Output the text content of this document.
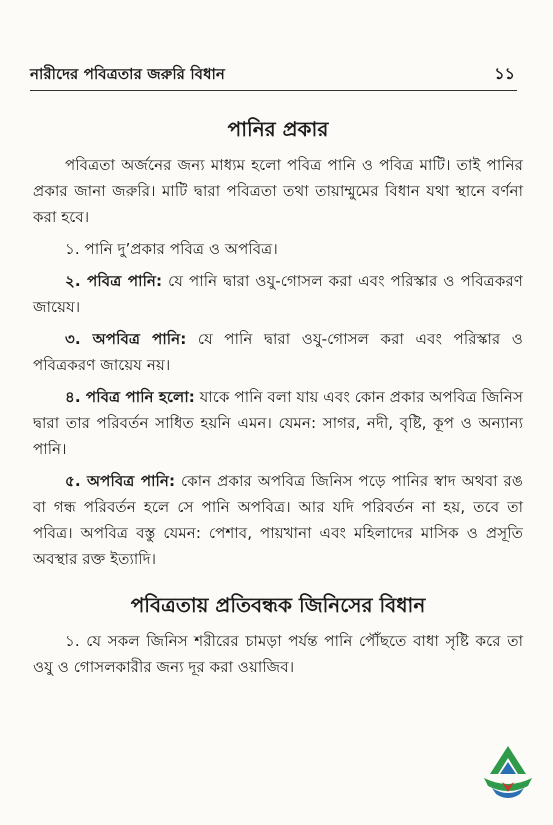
নারীদের পবিত্রতার জরুরি বিধান	১১
পানির প্রকার

পবিত্রতা অর্জনের জন্য মাধ্যম হলো পবিত্র পানি ও পবিত্র মাটি। তাই পানির প্রকার জানা জরুরি। মাটি দ্বারা পবিত্রতা তথা তায়াম্মুমের বিধান যথা স্থানে বর্ণনা করা হবে।

১. পানি দু’প্রকার পবিত্র ও অপবিত্র।

২. পবিত্র পানি: যে পানি দ্বারা ওযু-গোসল করা এবং পরিস্কার ও পবিত্রকরণ জায়েয।

৩. অপবিত্র পানি: যে পানি দ্বারা ওযু-গোসল করা এবং পরিস্কার ও পবিত্রকরণ জায়েয নয়।

৪. পবিত্র পানি হলো: যাকে পানি বলা যায় এবং কোন প্রকার অপবিত্র জিনিস দ্বারা তার পরিবর্তন সাধিত হয়নি এমন। যেমন: সাগর, নদী, বৃষ্টি, কূপ ও অন্যান্য পানি।

৫. অপবিত্র পানি: কোন প্রকার অপবিত্র জিনিস পড়ে পানির স্বাদ অথবা রঙ বা গন্ধ পরিবর্তন হলে সে পানি অপবিত্র। আর যদি পরিবর্তন না হয়, তবে তা পবিত্র। অপবিত্র বস্তু যেমন: পেশাব, পায়খানা এবং মহিলাদের মাসিক ও প্রসূতি অবস্থার রক্ত ইত্যাদি।

পবিত্রতায় প্রতিবন্ধক জিনিসের বিধান

১. যে সকল জিনিস শরীরের চামড়া পর্যন্ত পানি পৌঁছতে বাধা সৃষ্টি করে তা ওযু ও গোসলকারীর জন্য দূর করা ওয়াজিব।
